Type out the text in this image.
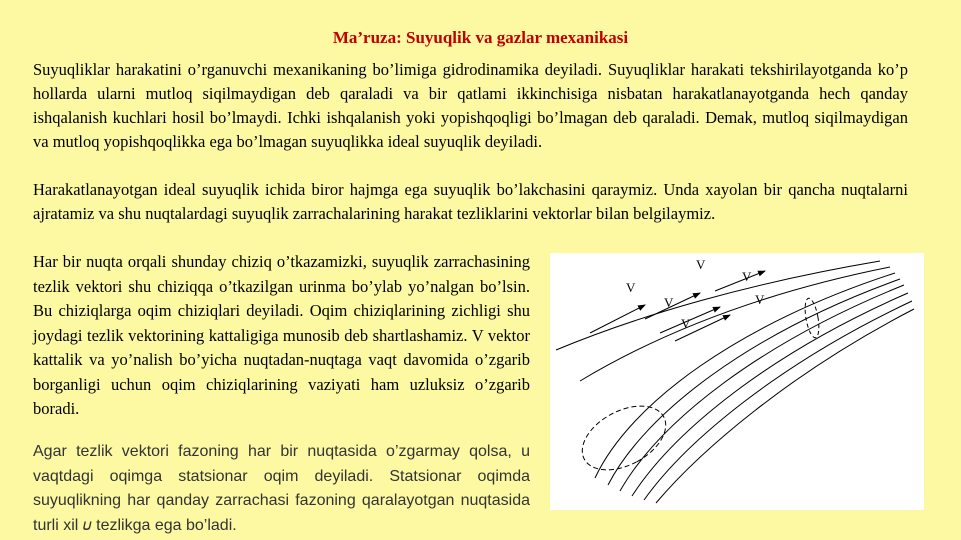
Ma’ruza: Suyuqlik va gazlar mexanikasi

Suyuqliklar harakatini o’rganuvchi mexanikaning bo’limiga gidrodinamika deyiladi. Suyuqliklar harakati tekshirilayotganda ko’p hollarda ularni mutloq siqilmaydigan deb qaraladi va bir qatlami ikkinchisiga nisbatan harakatlanayotganda hech qanday ishqalanish kuchlari hosil bo’lmaydi. Ichki ishqalanish yoki yopishqoqligi bo’lmagan deb qaraladi. Demak, mutloq siqilmaydigan va mutloq yopishqoqlikka ega bo’lmagan suyuqlikka ideal suyuqlik deyiladi.

Harakatlanayotgan ideal suyuqlik ichida biror hajmga ega suyuqlik bo’lakchasini qaraymiz. Unda xayolan bir qancha nuqtalarni ajratamiz va shu nuqtalardagi suyuqlik zarrachalarining harakat tezliklarini vektorlar bilan belgilaymiz.

Har bir nuqta orqali shunday chiziq o’tkazamizki, suyuqlik zarrachasining tezlik vektori shu chiziqqa o’tkazilgan urinma bo’ylab yo’nalgan bo’lsin. Bu chiziqlarga oqim chiziqlari deyiladi. Oqim chiziqlarining zichligi shu joydagi tezlik vektorining kattaligiga munosib deb shartlashamiz. V vektor kattalik va yo’nalish bo’yicha nuqtadan-nuqtaga vaqt davomida o’zgarib borganligi uchun oqim chiziqlarining vaziyati ham uzluksiz o’zgarib boradi.

Agar tezlik vektori fazoning har bir nuqtasida o’zgarmay qolsa, u vaqtdagi oqimga statsionar oqim deyiladi. Statsionar oqimda suyuqlikning har qanday zarrachasi fazoning qaralayotgan nuqtasida turli xil 𝜐 tezlikga ega bo’ladi.

V
V
V
V	V
V
